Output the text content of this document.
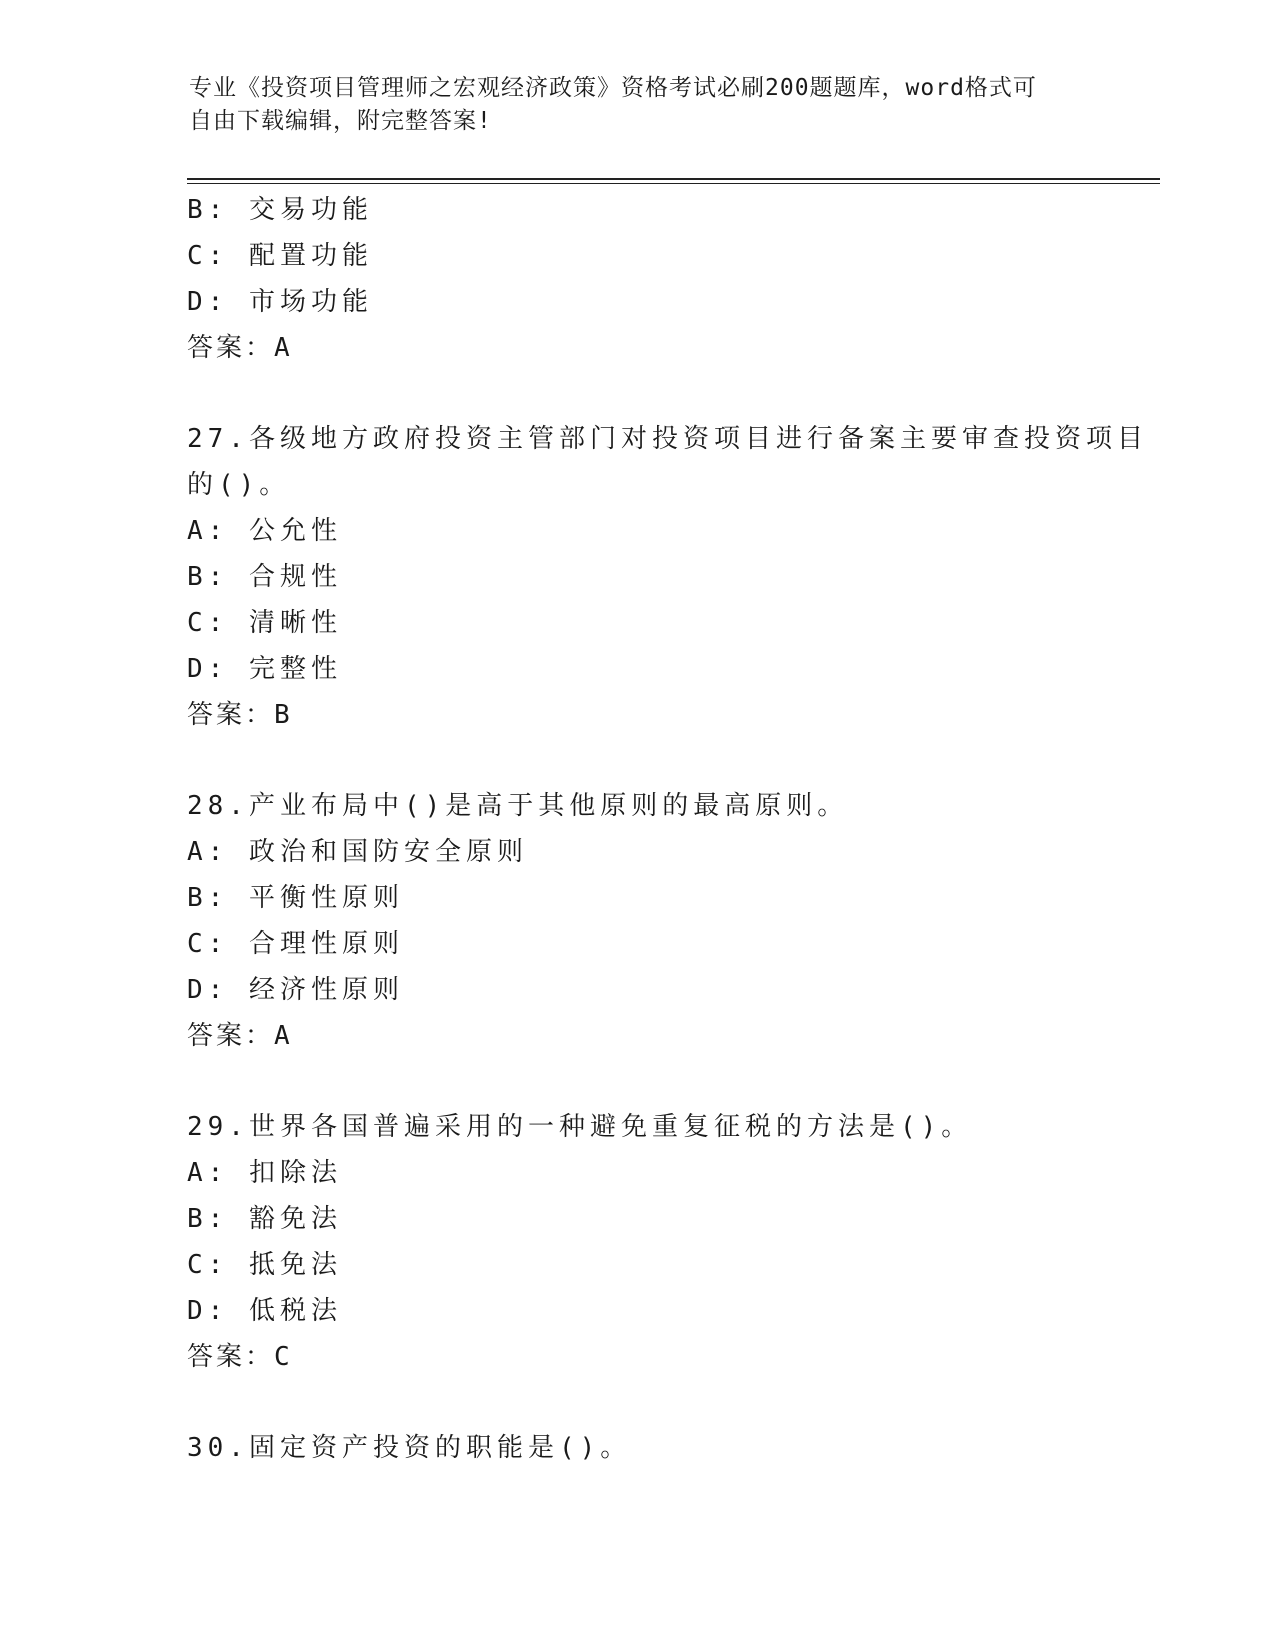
专业《投资项目管理师之宏观经济政策》资格考试必刷200题题库，word格式可
自由下载编辑，附完整答案!
B: 交易功能
C: 配置功能
D: 市场功能
答案：A
27.各级地方政府投资主管部门对投资项目进行备案主要审查投资项目
的()。
A: 公允性
B: 合规性
C: 清晰性
D: 完整性
答案：B
28.产业布局中()是高于其他原则的最高原则。
A: 政治和国防安全原则
B: 平衡性原则
C: 合理性原则
D: 经济性原则
答案：A
29.世界各国普遍采用的一种避免重复征税的方法是()。
A: 扣除法
B: 豁免法
C: 抵免法
D: 低税法
答案：C
30.固定资产投资的职能是()。
